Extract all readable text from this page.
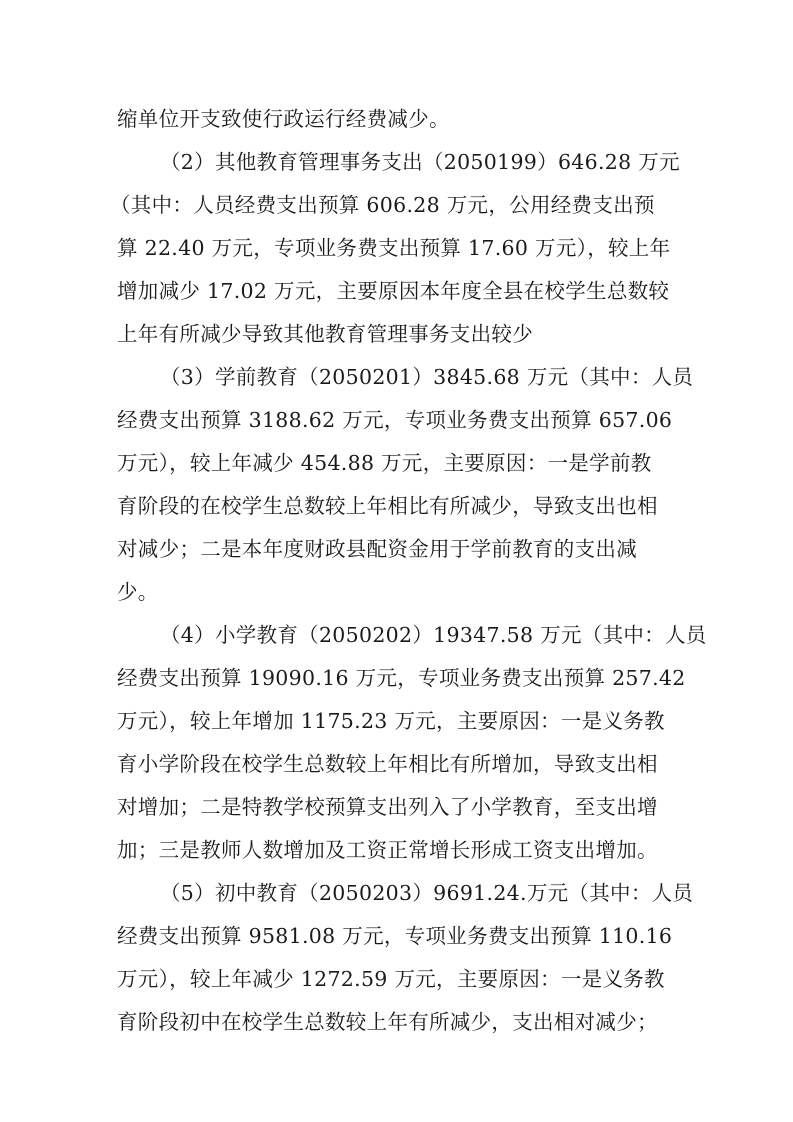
缩单位开支致使行政运行经费减少。
（2）其他教育管理事务支出（2050199）646.28 万元
（其中：人员经费支出预算 606.28 万元，公用经费支出预
算 22.40 万元，专项业务费支出预算 17.60 万元），较上年
增加减少 17.02 万元，主要原因本年度全县在校学生总数较
上年有所减少导致其他教育管理事务支出较少
（3）学前教育（2050201）3845.68 万元（其中：人员
经费支出预算 3188.62 万元，专项业务费支出预算 657.06
万元），较上年减少 454.88 万元，主要原因：一是学前教
育阶段的在校学生总数较上年相比有所减少，导致支出也相
对减少；二是本年度财政县配资金用于学前教育的支出减
少。
（4）小学教育（2050202）19347.58 万元（其中：人员
经费支出预算 19090.16 万元，专项业务费支出预算 257.42
万元），较上年增加 1175.23 万元，主要原因：一是义务教
育小学阶段在校学生总数较上年相比有所增加，导致支出相
对增加；二是特教学校预算支出列入了小学教育，至支出增
加；三是教师人数增加及工资正常增长形成工资支出增加。
（5）初中教育（2050203）9691.24.万元（其中：人员
经费支出预算 9581.08 万元，专项业务费支出预算 110.16
万元），较上年减少 1272.59 万元，主要原因：一是义务教
育阶段初中在校学生总数较上年有所减少，支出相对减少；
